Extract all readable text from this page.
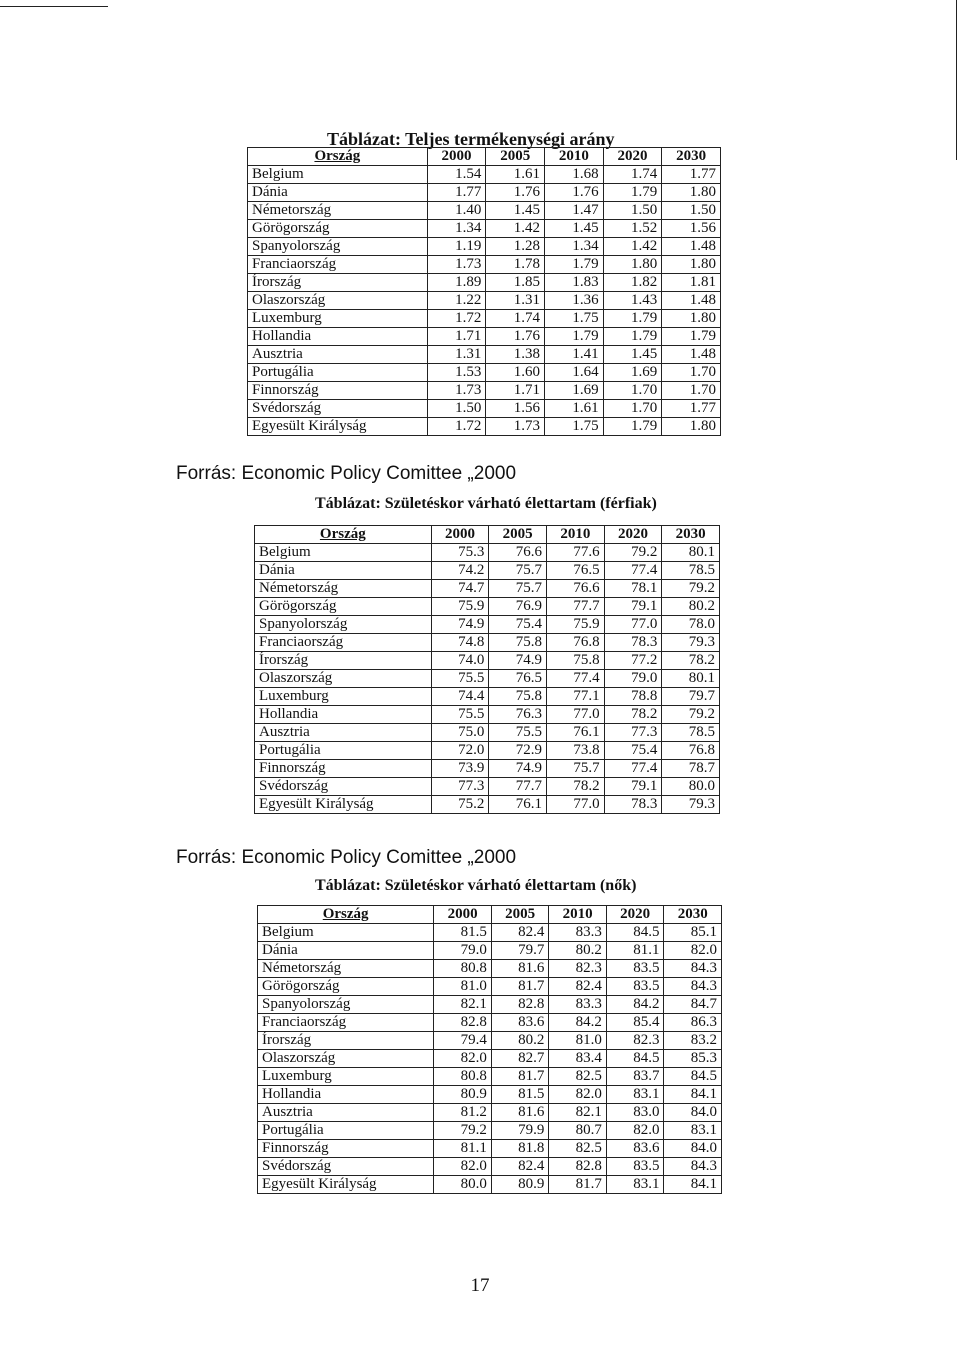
Táblázat: Teljes termékenységi arány
Ország	2000	2005	2010	2020	2030
Belgium	1.54	1.61	1.68	1.74	1.77
Dánia	1.77	1.76	1.76	1.79	1.80
Németország	1.40	1.45	1.47	1.50	1.50
Görögország	1.34	1.42	1.45	1.52	1.56
Spanyolország	1.19	1.28	1.34	1.42	1.48
Franciaország	1.73	1.78	1.79	1.80	1.80
Írország	1.89	1.85	1.83	1.82	1.81
Olaszország	1.22	1.31	1.36	1.43	1.48
Luxemburg	1.72	1.74	1.75	1.79	1.80
Hollandia	1.71	1.76	1.79	1.79	1.79
Ausztria	1.31	1.38	1.41	1.45	1.48
Portugália	1.53	1.60	1.64	1.69	1.70
Finnország	1.73	1.71	1.69	1.70	1.70
Svédország	1.50	1.56	1.61	1.70	1.77
Egyesült Királyság	1.72	1.73	1.75	1.79	1.80
Forrás: Economic Policy Comittee „2000
Táblázat: Születéskor várható élettartam (férfiak)
Ország	2000	2005	2010	2020	2030
Belgium	75.3	76.6	77.6	79.2	80.1
Dánia	74.2	75.7	76.5	77.4	78.5
Németország	74.7	75.7	76.6	78.1	79.2
Görögország	75.9	76.9	77.7	79.1	80.2
Spanyolország	74.9	75.4	75.9	77.0	78.0
Franciaország	74.8	75.8	76.8	78.3	79.3
Írország	74.0	74.9	75.8	77.2	78.2
Olaszország	75.5	76.5	77.4	79.0	80.1
Luxemburg	74.4	75.8	77.1	78.8	79.7
Hollandia	75.5	76.3	77.0	78.2	79.2
Ausztria	75.0	75.5	76.1	77.3	78.5
Portugália	72.0	72.9	73.8	75.4	76.8
Finnország	73.9	74.9	75.7	77.4	78.7
Svédország	77.3	77.7	78.2	79.1	80.0
Egyesült Királyság	75.2	76.1	77.0	78.3	79.3
Forrás: Economic Policy Comittee „2000
Táblázat: Születéskor várható élettartam (nők)
Ország	2000	2005	2010	2020	2030
Belgium	81.5	82.4	83.3	84.5	85.1
Dánia	79.0	79.7	80.2	81.1	82.0
Németország	80.8	81.6	82.3	83.5	84.3
Görögország	81.0	81.7	82.4	83.5	84.3
Spanyolország	82.1	82.8	83.3	84.2	84.7
Franciaország	82.8	83.6	84.2	85.4	86.3
Írország	79.4	80.2	81.0	82.3	83.2
Olaszország	82.0	82.7	83.4	84.5	85.3
Luxemburg	80.8	81.7	82.5	83.7	84.5
Hollandia	80.9	81.5	82.0	83.1	84.1
Ausztria	81.2	81.6	82.1	83.0	84.0
Portugália	79.2	79.9	80.7	82.0	83.1
Finnország	81.1	81.8	82.5	83.6	84.0
Svédország	82.0	82.4	82.8	83.5	84.3
Egyesült Királyság	80.0	80.9	81.7	83.1	84.1
17
